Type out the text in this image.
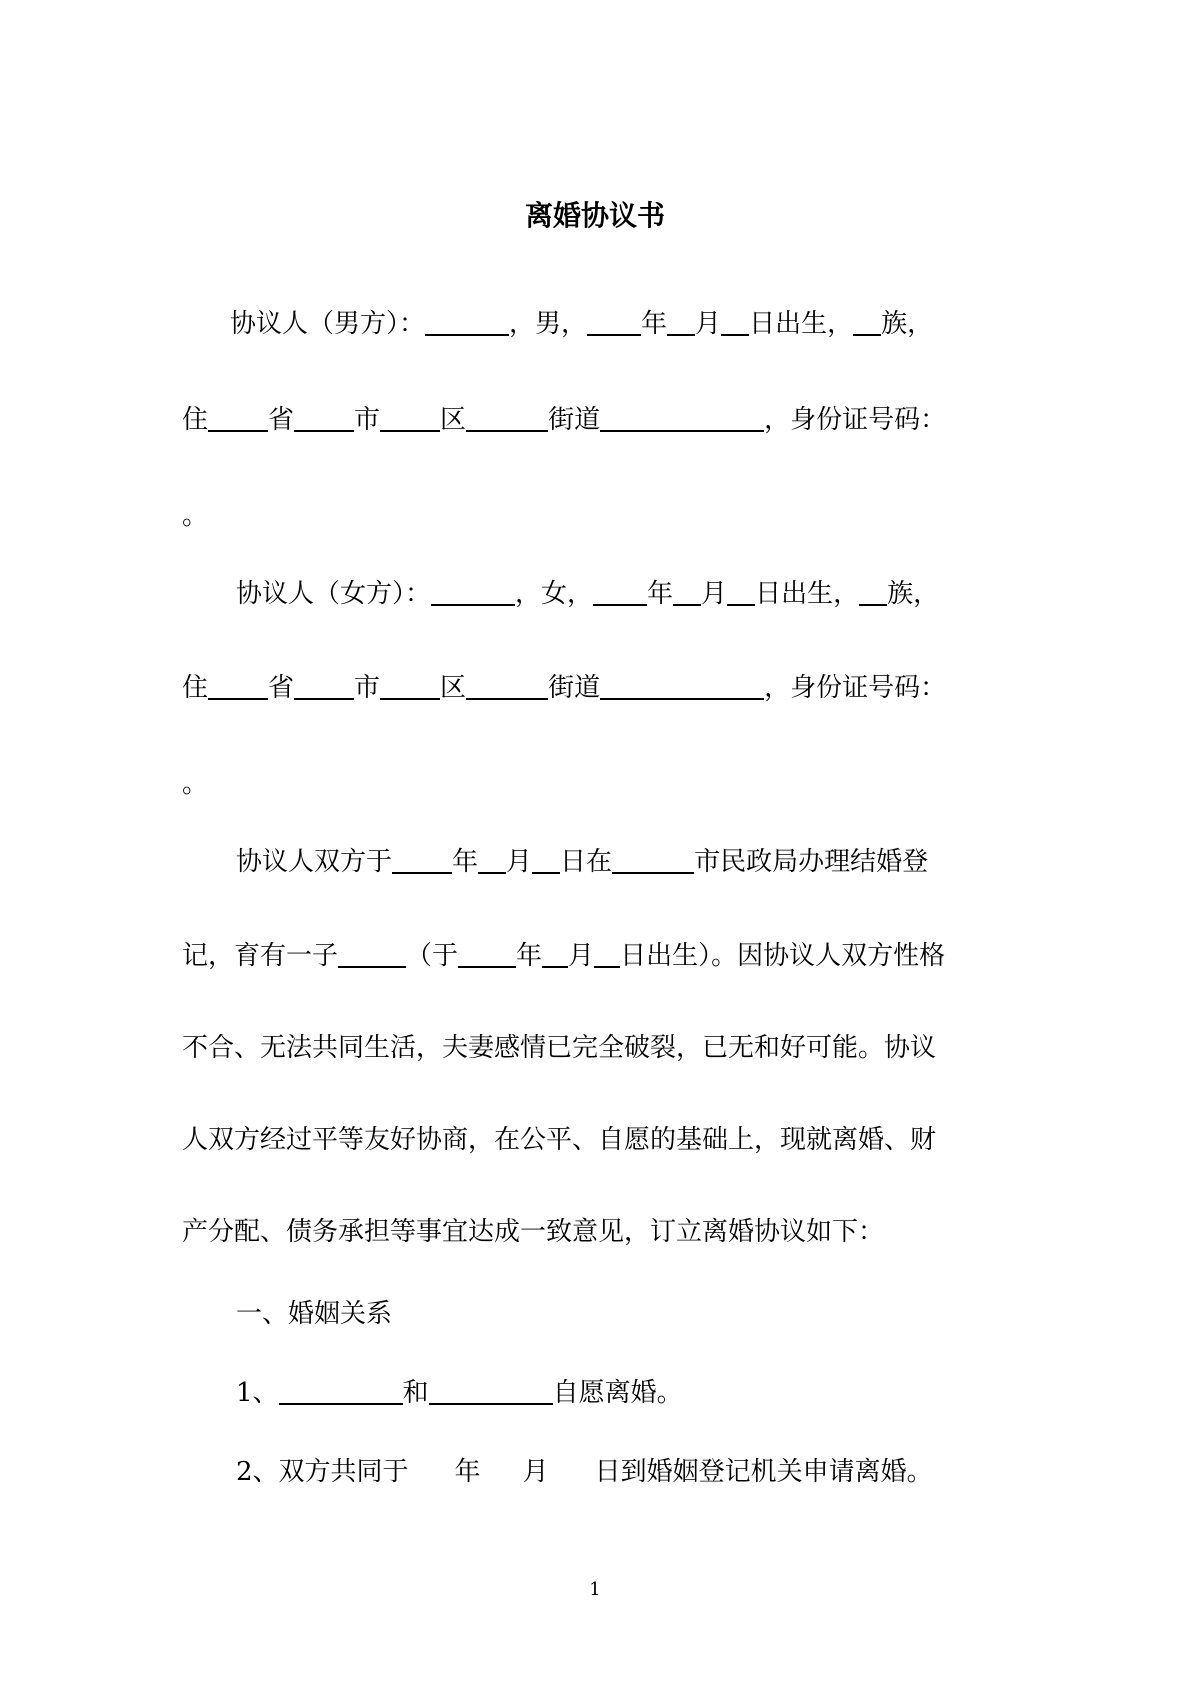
离婚协议书
协议人（男方）：	，男， 年 月 日出生， 族，
住 省 市 区	街道	，身份证号码：
。
协议人（女方）：	，女， 年 月 日出生， 族，
住 省 市 区	街道	，身份证号码：
。
协议人双方于 年 月 日在	市民政局办理结婚登
记，育有一子	（于 年 月 日出生）。因协议人双方性格
不合、无法共同生活，夫妻感情已完全破裂，已无和好可能。协议
人双方经过平等友好协商，在公平、自愿的基础上，现就离婚、财
产分配、债务承担等事宜达成一致意见，订立离婚协议如下：
一、婚姻关系
1、	和	自愿离婚。
2、双方共同于 年 月 日到婚姻登记机关申请离婚。
1
